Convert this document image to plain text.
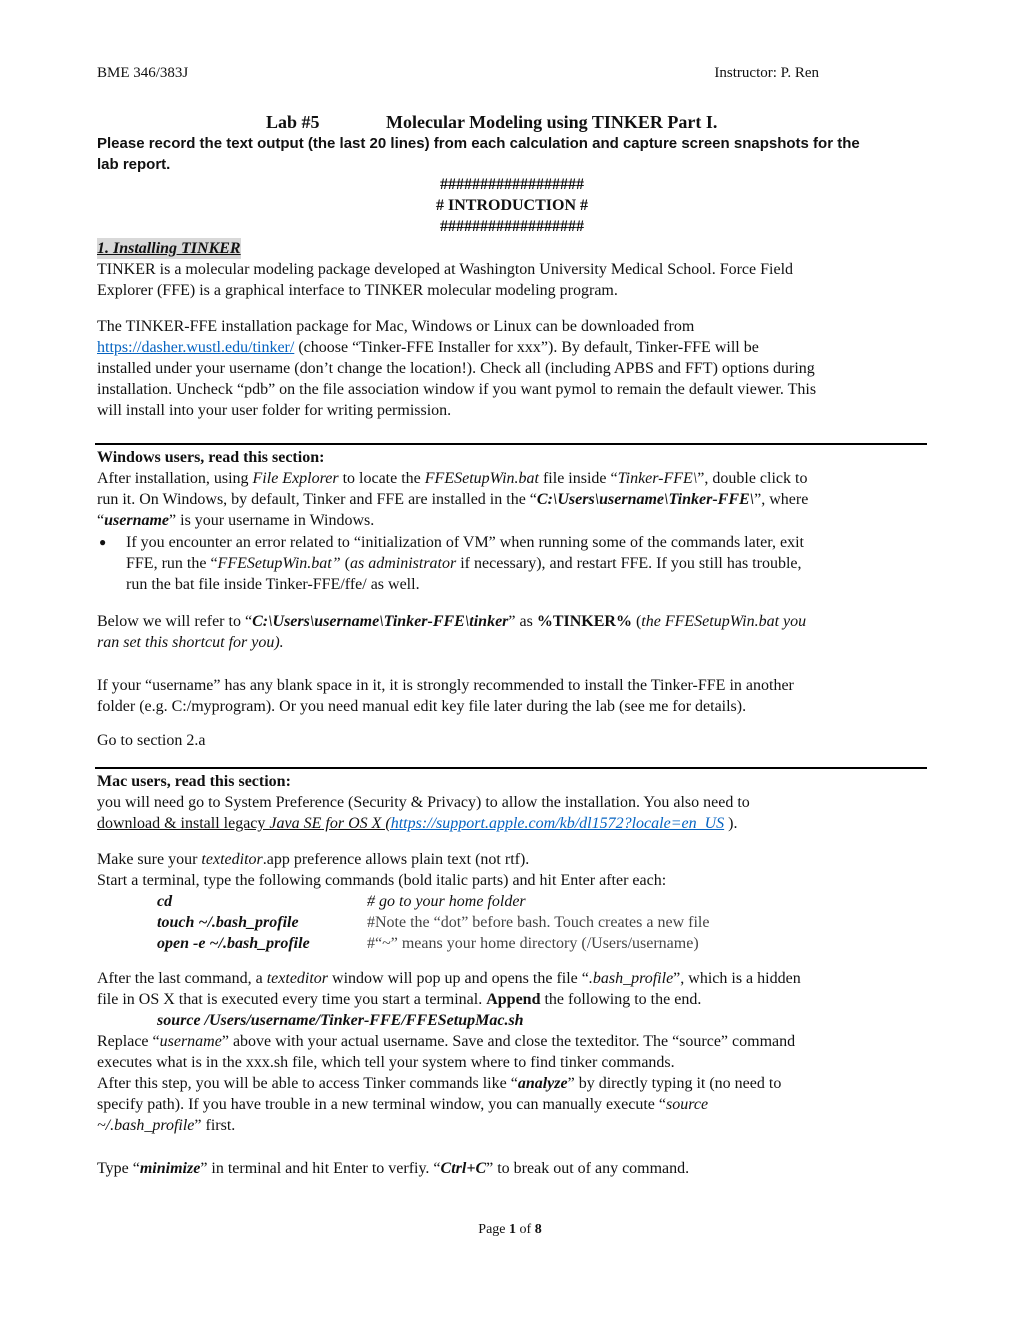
BME 346/383J	Instructor: P. Ren
Lab #5	Molecular Modeling using TINKER Part I.
Please record the text output (the last 20 lines) from each calculation and capture screen snapshots for the
lab report.
##################
# INTRODUCTION #
##################
1. Installing TINKER
TINKER is a molecular modeling package developed at Washington University Medical School. Force Field
Explorer (FFE) is a graphical interface to TINKER molecular modeling program.
The TINKER-FFE installation package for Mac, Windows or Linux can be downloaded from
https://dasher.wustl.edu/tinker/ (choose “Tinker-FFE Installer for xxx”). By default, Tinker-FFE will be
installed under your username (don’t change the location!). Check all (including APBS and FFT) options during
installation. Uncheck “pdb” on the file association window if you want pymol to remain the default viewer. This
will install into your user folder for writing permission.
Windows users, read this section:
After installation, using File Explorer to locate the FFESetupWin.bat file inside “Tinker-FFE\”, double click to
run it. On Windows, by default, Tinker and FFE are installed in the “C:\Users\username\Tinker-FFE\”, where
“username” is your username in Windows.
● If you encounter an error related to “initialization of VM” when running some of the commands later, exit
FFE, run the “FFESetupWin.bat” (as administrator if necessary), and restart FFE. If you still has trouble,
run the bat file inside Tinker-FFE/ffe/ as well.
Below we will refer to “C:\Users\username\Tinker-FFE\tinker” as %TINKER% (the FFESetupWin.bat you
ran set this shortcut for you).
If your “username” has any blank space in it, it is strongly recommended to install the Tinker-FFE in another
folder (e.g. C:/myprogram). Or you need manual edit key file later during the lab (see me for details).
Go to section 2.a
Mac users, read this section:
you will need go to System Preference (Security & Privacy) to allow the installation. You also need to
download & install legacy Java SE for OS X (https://support.apple.com/kb/dl1572?locale=en_US ).
Make sure your texteditor.app preference allows plain text (not rtf).
Start a terminal, type the following commands (bold italic parts) and hit Enter after each:
cd	# go to your home folder
touch ~/.bash_profile	#Note the “dot” before bash. Touch creates a new file
open -e ~/.bash_profile	#“~” means your home directory (/Users/username)
After the last command, a texteditor window will pop up and opens the file “.bash_profile”, which is a hidden
file in OS X that is executed every time you start a terminal. Append the following to the end.
source /Users/username/Tinker-FFE/FFESetupMac.sh
Replace “username” above with your actual username. Save and close the texteditor. The “source” command
executes what is in the xxx.sh file, which tell your system where to find tinker commands.
After this step, you will be able to access Tinker commands like “analyze” by directly typing it (no need to
specify path). If you have trouble in a new terminal window, you can manually execute “source
~/.bash_profile” first.
Type “minimize” in terminal and hit Enter to verfiy. “Ctrl+C” to break out of any command.
Page 1 of 8
